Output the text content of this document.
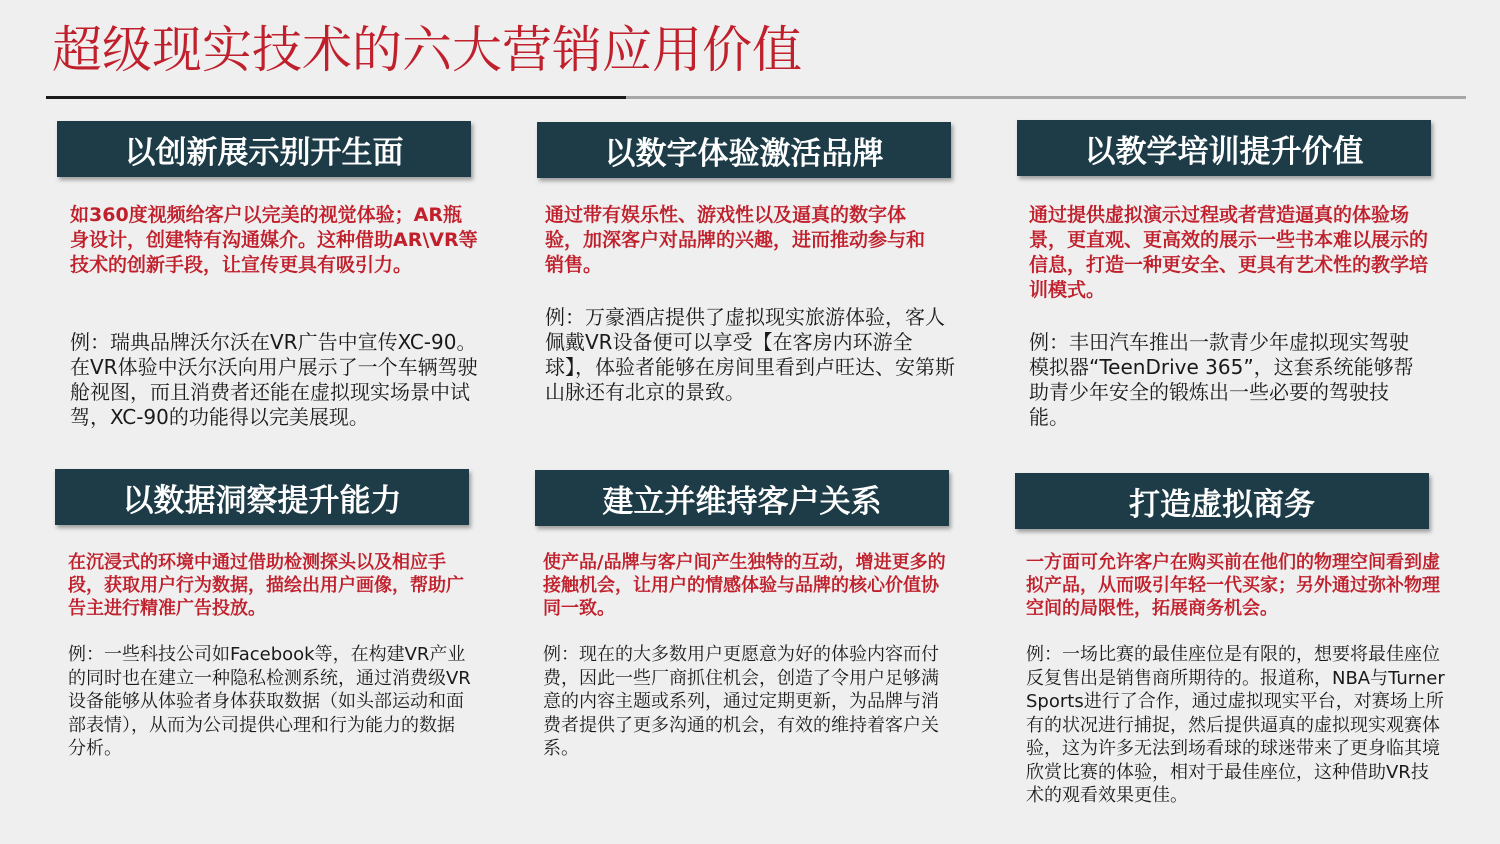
超级现实技术的六大营销应用价值
以创新展示别开生面

如360度视频给客户以完美的视觉体验；AR瓶身设计，创建特有沟通媒介。这种借助AR\VR等技术的创新手段，让宣传更具有吸引力。

例：瑞典品牌沃尔沃在VR广告中宣传XC-90。在VR体验中沃尔沃向用户展示了一个车辆驾驶舱视图，而且消费者还能在虚拟现实场景中试驾，XC-90的功能得以完美展现。

以数字体验激活品牌

通过带有娱乐性、游戏性以及逼真的数字体验，加深客户对品牌的兴趣，进而推动参与和销售。

例：万豪酒店提供了虚拟现实旅游体验，客人佩戴VR设备便可以享受【在客房内环游全球】，体验者能够在房间里看到卢旺达、安第斯山脉还有北京的景致。

以教学培训提升价值

通过提供虚拟演示过程或者营造逼真的体验场景，更直观、更高效的展示一些书本难以展示的信息，打造一种更安全、更具有艺术性的教学培训模式。

例：丰田汽车推出一款青少年虚拟现实驾驶模拟器“TeenDrive 365”，这套系统能够帮助青少年安全的锻炼出一些必要的驾驶技能。

以数据洞察提升能力

在沉浸式的环境中通过借助检测探头以及相应手段，获取用户行为数据，描绘出用户画像，帮助广告主进行精准广告投放。

例：一些科技公司如Facebook等，在构建VR产业的同时也在建立一种隐私检测系统，通过消费级VR设备能够从体验者身体获取数据（如头部运动和面部表情），从而为公司提供心理和行为能力的数据分析。

建立并维持客户关系

使产品/品牌与客户间产生独特的互动，增进更多的接触机会，让用户的情感体验与品牌的核心价值协同一致。

例：现在的大多数用户更愿意为好的体验内容而付费，因此一些厂商抓住机会，创造了令用户足够满意的内容主题或系列，通过定期更新，为品牌与消费者提供了更多沟通的机会，有效的维持着客户关系。

打造虚拟商务

一方面可允许客户在购买前在他们的物理空间看到虚拟产品，从而吸引年轻一代买家；另外通过弥补物理空间的局限性，拓展商务机会。

例：一场比赛的最佳座位是有限的，想要将最佳座位反复售出是销售商所期待的。报道称，NBA与Turner Sports进行了合作，通过虚拟现实平台，对赛场上所有的状况进行捕捉，然后提供逼真的虚拟现实观赛体验，这为许多无法到场看球的球迷带来了更身临其境欣赏比赛的体验，相对于最佳座位，这种借助VR技术的观看效果更佳。
